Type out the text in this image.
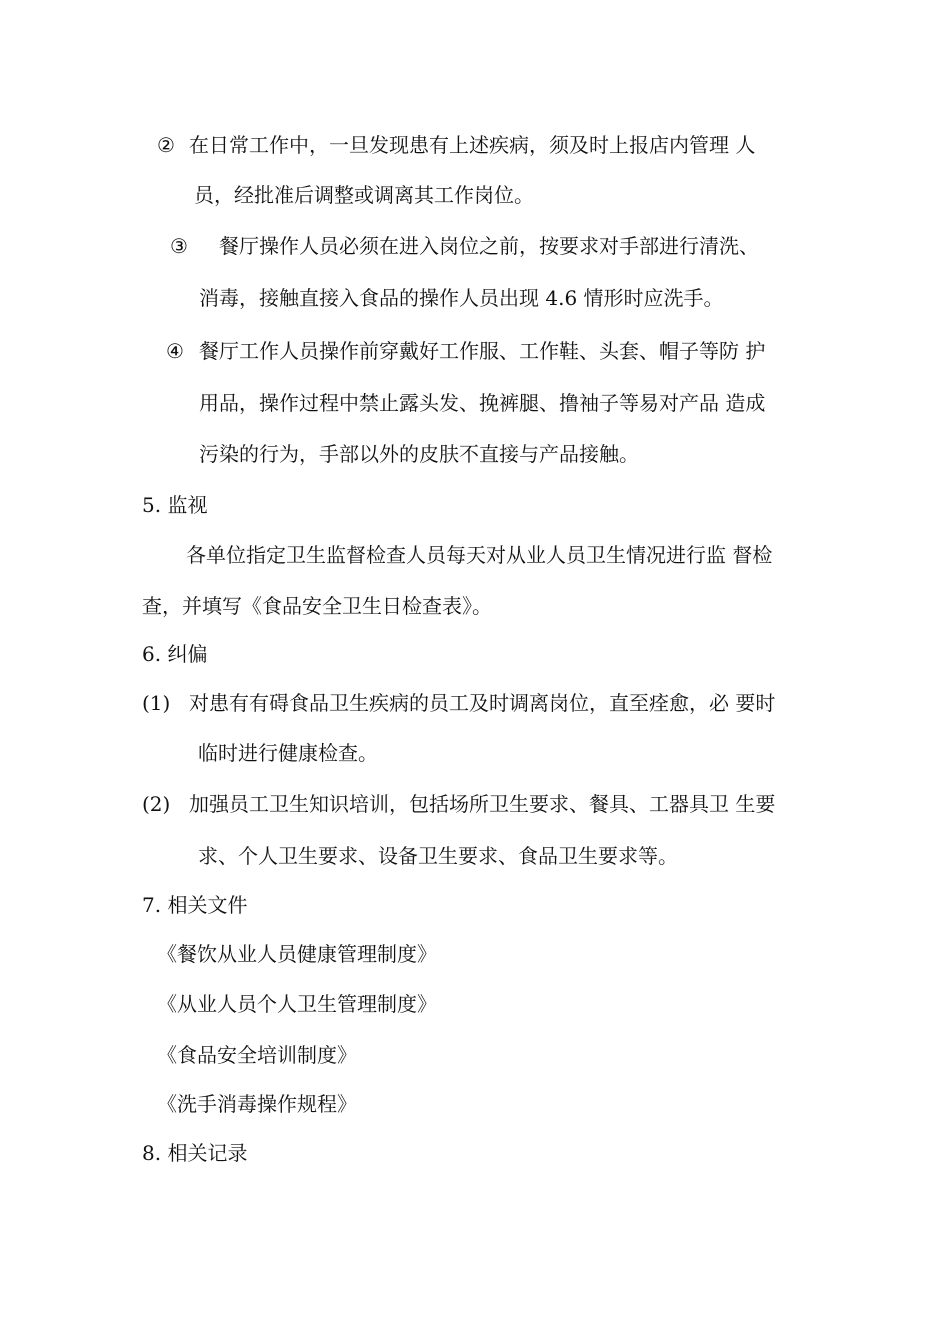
② 在日常工作中，一旦发现患有上述疾病，须及时上报店内管理 人
员，经批准后调整或调离其工作岗位。
③ 餐厅操作人员必须在进入岗位之前，按要求对手部进行清洗、
消毒，接触直接入食品的操作人员出现 4.6 情形时应洗手。
④ 餐厅工作人员操作前穿戴好工作服、工作鞋、头套、帽子等防 护
用品，操作过程中禁止露头发、挽裤腿、撸袖子等易对产品 造成
污染的行为，手部以外的皮肤不直接与产品接触。
5. 监视
各单位指定卫生监督检查人员每天对从业人员卫生情况进行监 督检
查，并填写《食品安全卫生日检查表》。
6. 纠偏
(1) 对患有有碍食品卫生疾病的员工及时调离岗位，直至痊愈，必 要时
临时进行健康检查。
(2) 加强员工卫生知识培训，包括场所卫生要求、餐具、工器具卫 生要
求、个人卫生要求、设备卫生要求、食品卫生要求等。
7. 相关文件
《餐饮从业人员健康管理制度》
《从业人员个人卫生管理制度》
《食品安全培训制度》
《洗手消毒操作规程》
8. 相关记录
